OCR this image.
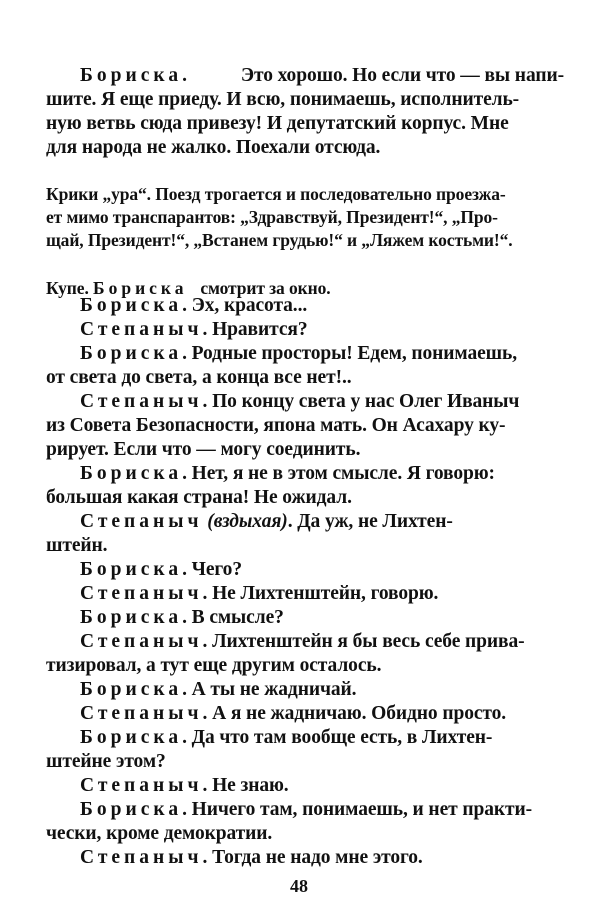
Бориска.	Это хорошо. Но если что — вы напи-
шите. Я еще приеду. И всю, понимаешь, исполнитель-
ную ветвь сюда привезу! И депутатский корпус. Мне
для народа не жалко. Поехали отсюда.
Крики „ура“. Поезд трогается и последовательно проезжа-
ет мимо транспарантов: „Здравствуй, Президент!“, „Про-
щай, Президент!“, „Встанем грудью!“ и „Ляжем костьми!“.
Купе. Бориска смотрит за окно.
Бориска. Эх, красота...
Степаныч. Нравится?
Бориска. Родные просторы! Едем, понимаешь,
от света до света, а конца все нет!..
Степаныч. По концу света у нас Олег Иваныч
из Совета Безопасности, япона мать. Он Асахару ку-
рирует. Если что — могу соединить.
Бориска. Нет, я не в этом смысле. Я говорю:
большая какая страна! Не ожидал.
Степаныч (вздыхая). Да уж, не Лихтен-
штейн.
Бориска. Чего?
Степаныч. Не Лихтенштейн, говорю.
Бориска. В смысле?
Степаныч. Лихтенштейн я бы весь себе прива-
тизировал, а тут еще другим осталось.
Бориска. А ты не жадничай.
Степаныч. А я не жадничаю. Обидно просто.
Бориска. Да что там вообще есть, в Лихтен-
штейне этом?
Степаныч. Не знаю.
Бориска. Ничего там, понимаешь, и нет практи-
чески, кроме демократии.
Степаныч. Тогда не надо мне этого.
48
